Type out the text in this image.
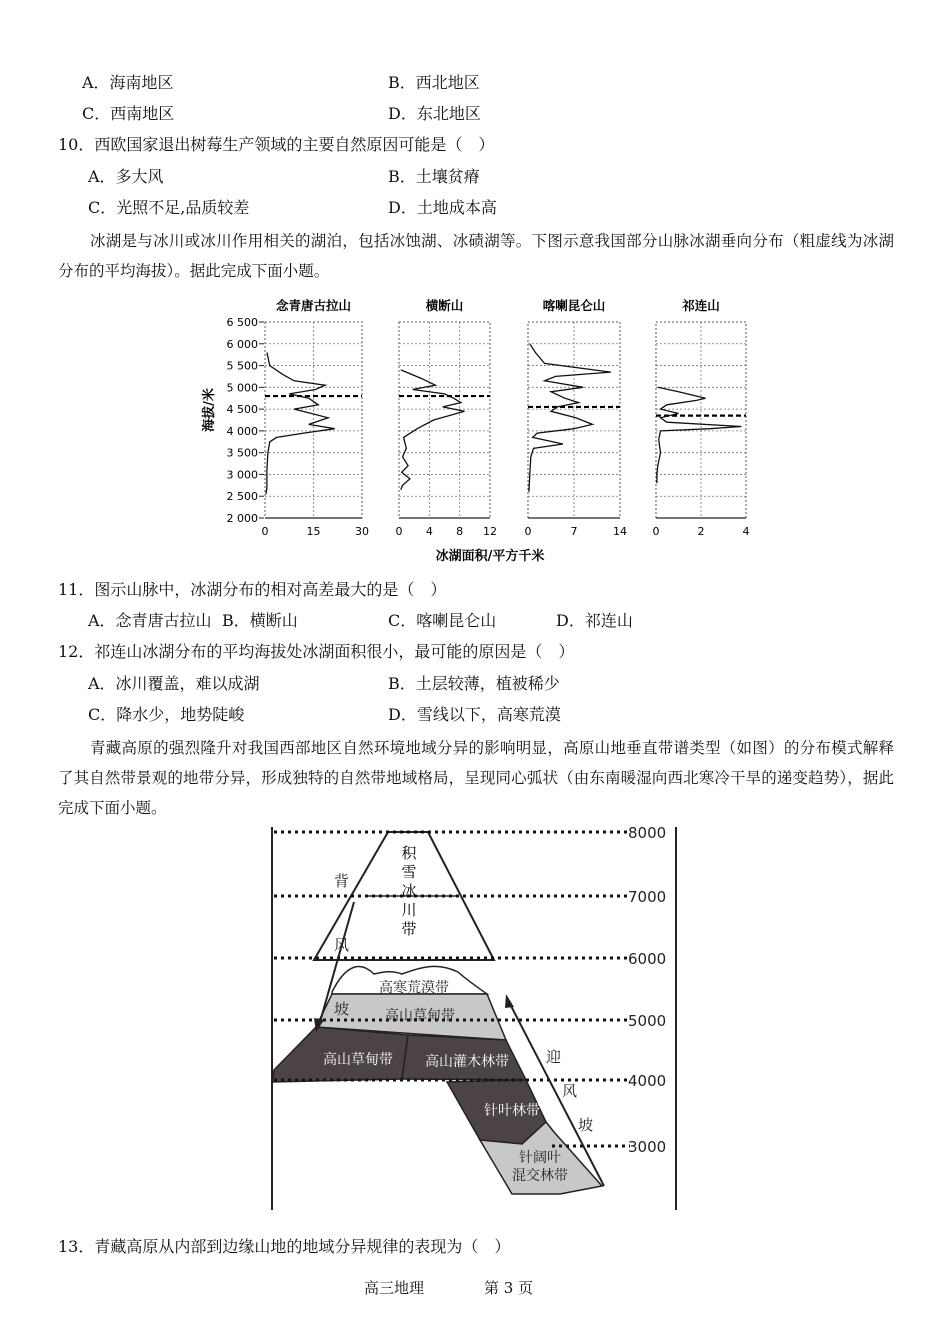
A．海南地区	B．西北地区
C．西南地区	D．东北地区
10．西欧国家退出树莓生产领域的主要自然原因可能是（　）
A．多大风	B．土壤贫瘠
C．光照不足,品质较差	D．土地成本高
冰湖是与冰川或冰川作用相关的湖泊，包括冰蚀湖、冰碛湖等。下图示意我国部分山脉冰湖垂向分布（粗虚线为冰湖分布的平均海拔）。据此完成下面小题。
海拔/米
冰湖面积/平方千米
6 500
6 000
5 500
5 000
4 500
4 000
3 500
3 000
2 500
2 000
念青唐古拉山
0	15	30
横断山
0 4 8 12
喀喇昆仑山
0	7	14
祁连山
0	2	4
11．图示山脉中，冰湖分布的相对高差最大的是（　）
A．念青唐古拉山 B．横断山	C．喀喇昆仑山	D．祁连山
12．祁连山冰湖分布的平均海拔处冰湖面积很小，最可能的原因是（　）
A．冰川覆盖，难以成湖	B．土层较薄，植被稀少
C．降水少，地势陡峻	D．雪线以下，高寒荒漠
青藏高原的强烈隆升对我国西部地区自然环境地域分异的影响明显，高原山地垂直带谱类型（如图）的分布模式解释了其自然带景观的地带分异，形成独特的自然带地域格局，呈现同心弧状（由东南暖湿向西北寒冷干旱的递变趋势），据此完成下面小题。
8000
7000
6000
5000
4000
3000
积雪冰川带
高寒荒漠带
高山草甸带
高山草甸带 高山灌木林带
针叶林带
针阔叶
混交林带
背风坡
迎风坡
13．青藏高原从内部到边缘山地的地域分异规律的表现为（　）
高三地理	第 3 页
